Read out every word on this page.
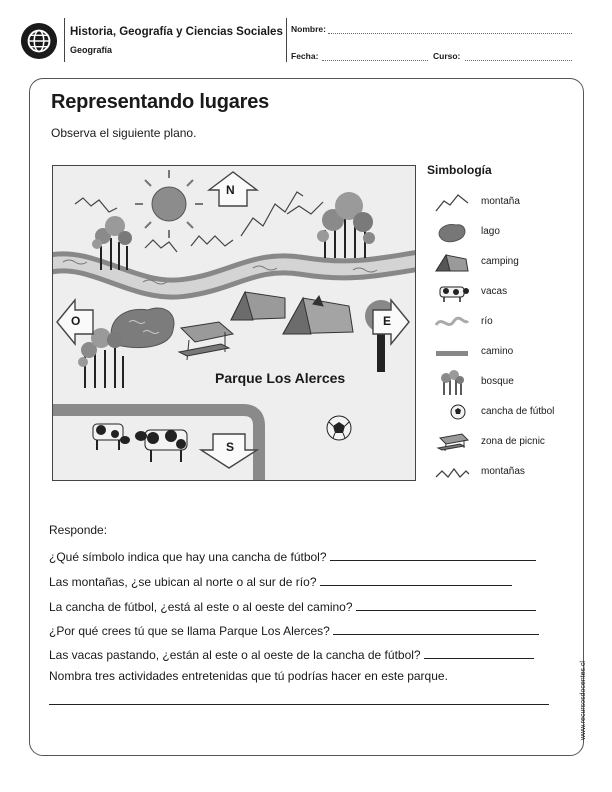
Historia, Geografía y Ciencias Sociales
Geografía
Nombre:
Fecha:	Curso:
Representando lugares
Observa el siguiente plano.
N
S
O	E
Parque Los Alerces
Simbología
montaña
lago
camping
vacas
río
camino
bosque
cancha de fútbol
zona de picnic
montañas
Responde:
¿Qué símbolo indica que hay una cancha de fútbol?
Las montañas, ¿se ubican al norte o al sur de río?
La cancha de fútbol, ¿está al este o al oeste del camino?
¿Por qué crees tú que se llama Parque Los Alerces?
Las vacas pastando, ¿están al este o al oeste de la cancha de fútbol?
Nombra tres actividades entretenidas que tú podrías hacer en este parque.	www.recursosdocentes.cl
